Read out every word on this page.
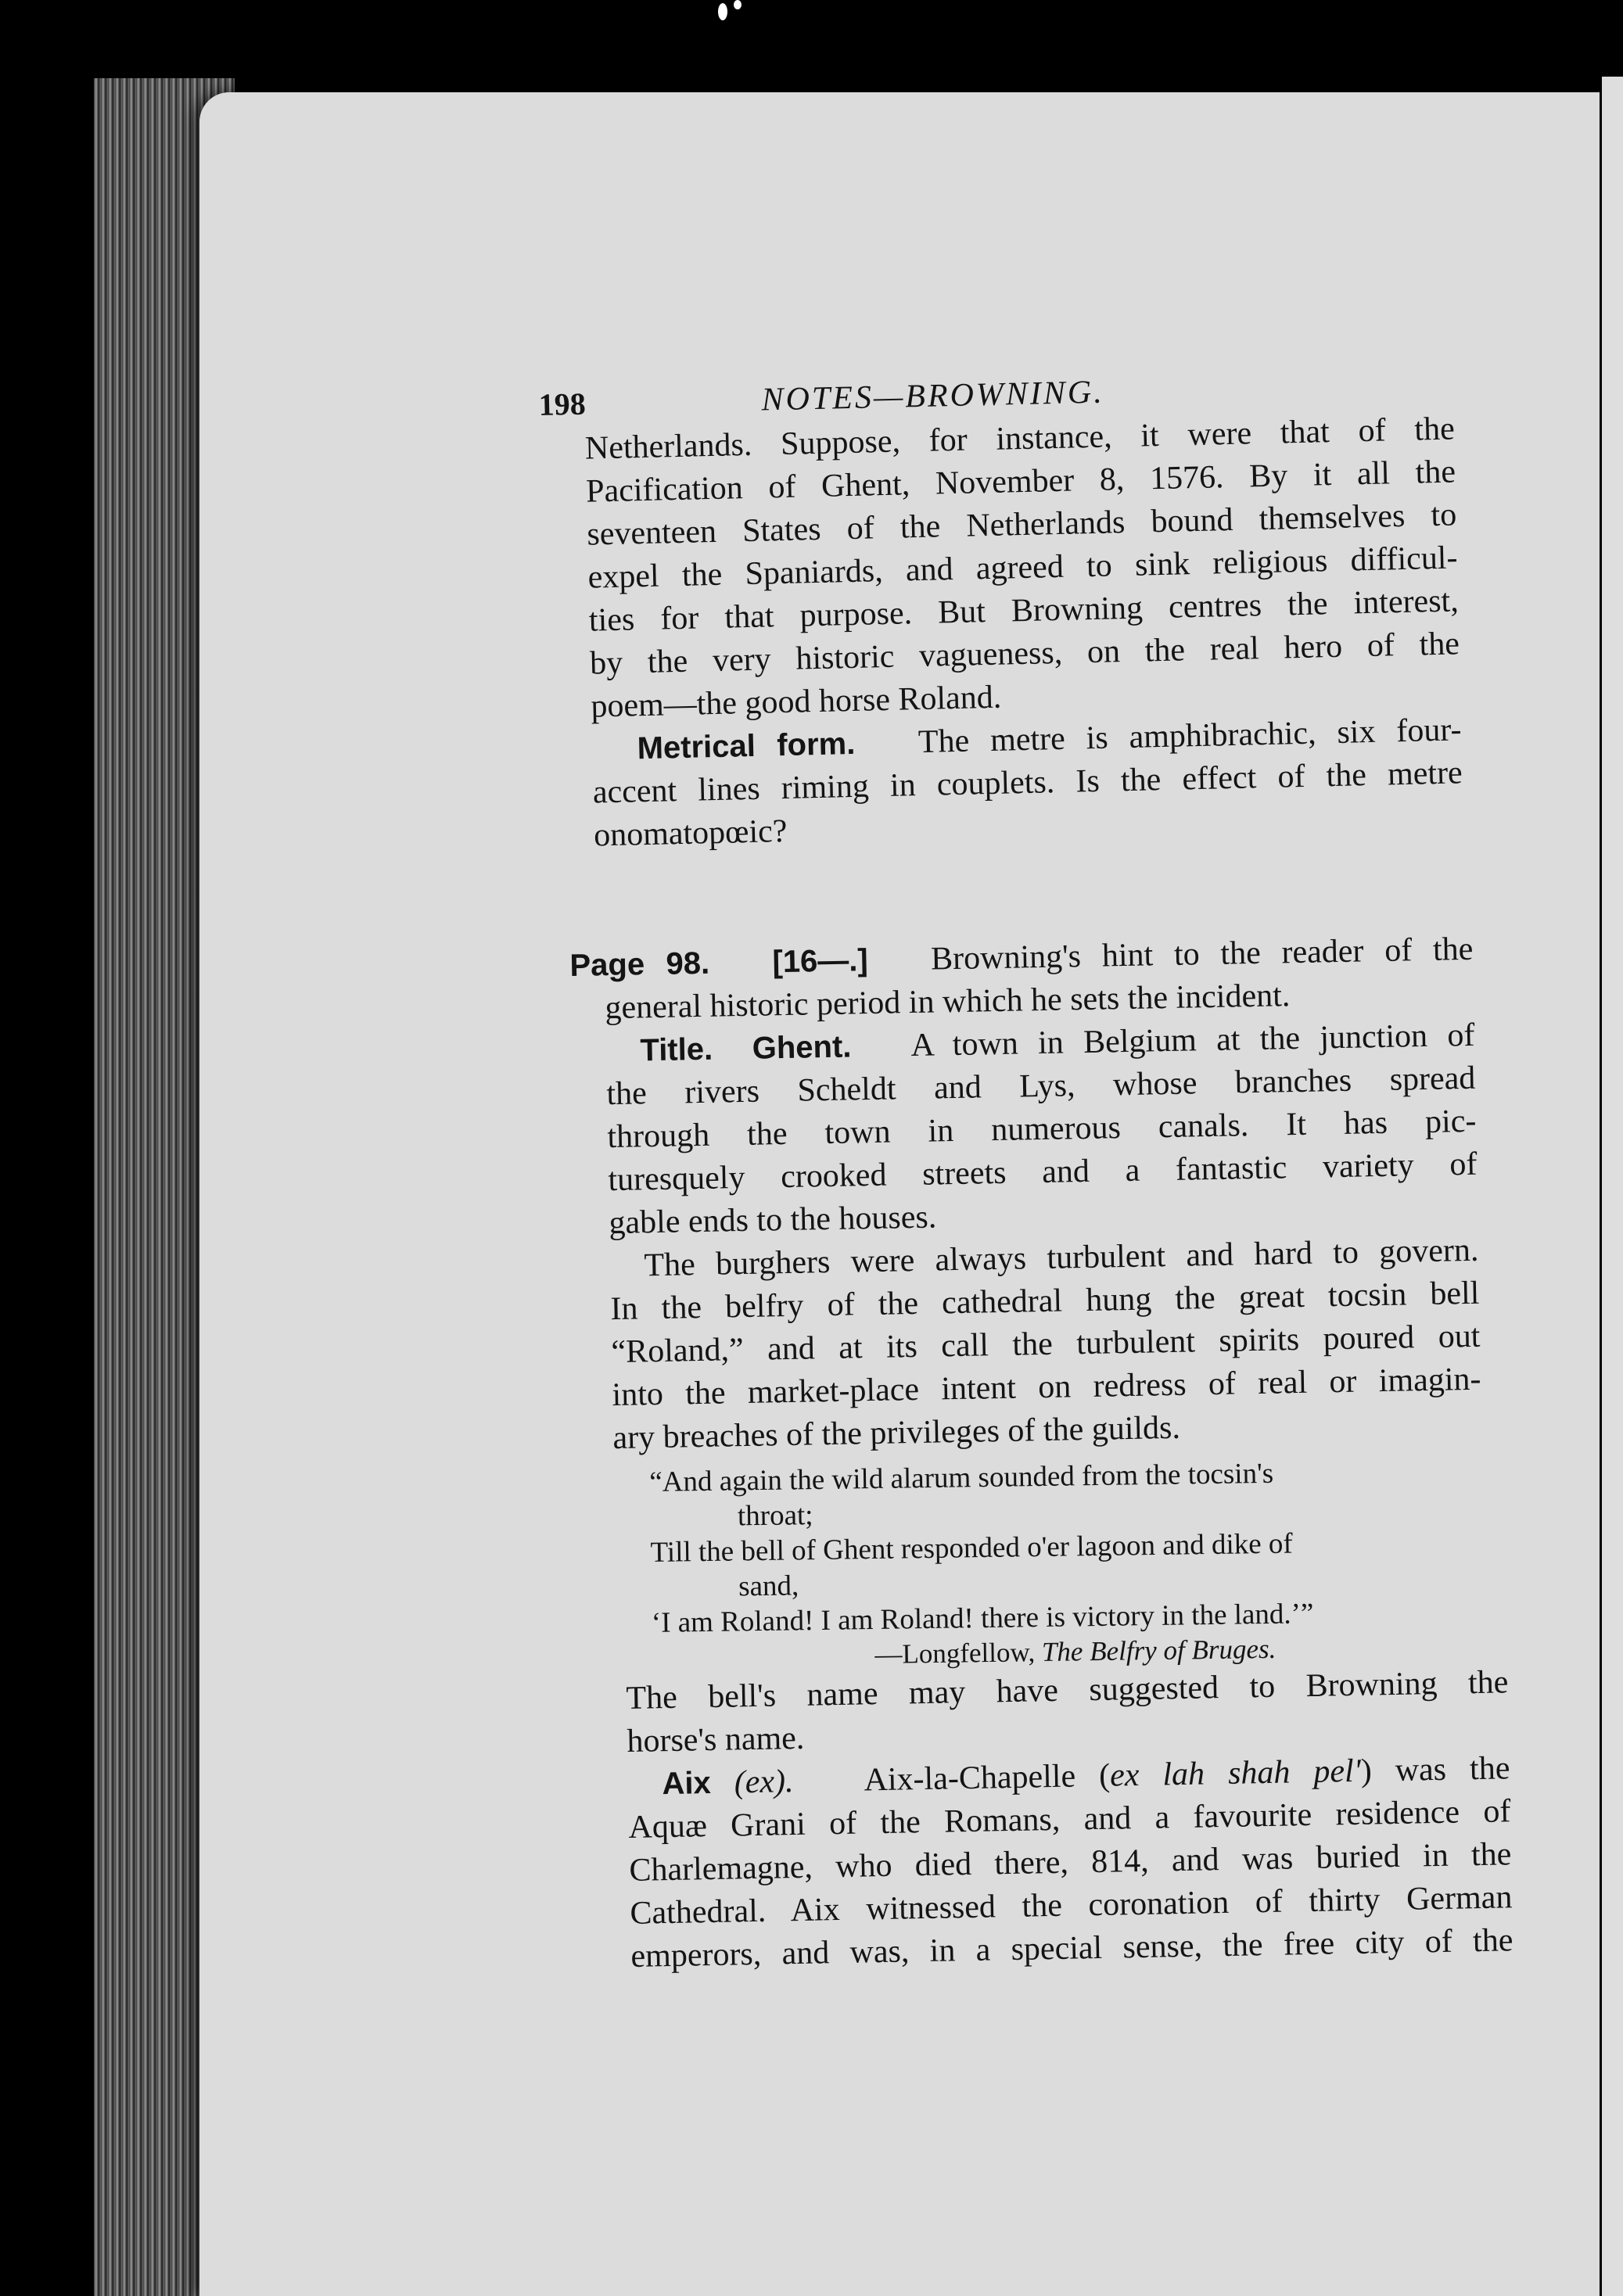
198	NOTES—BROWNING.
Netherlands. Suppose, for instance, it were that of the
Pacification of Ghent, November 8, 1576. By it all the
seventeen States of the Netherlands bound themselves to
expel the Spaniards, and agreed to sink religious difficul-
ties for that purpose. But Browning centres the interest,
by the very historic vagueness, on the real hero of the
poem—the good horse Roland.
Metrical form. The metre is amphibrachic, six four-
accent lines riming in couplets. Is the effect of the metre
onomatopœic?
Page 98. [16—.] Browning's hint to the reader of the
general historic period in which he sets the incident.
Title. Ghent. A town in Belgium at the junction of
the rivers Scheldt and Lys, whose branches spread
through the town in numerous canals. It has pic-
turesquely crooked streets and a fantastic variety of
gable ends to the houses.
The burghers were always turbulent and hard to govern.
In the belfry of the cathedral hung the great tocsin bell
“Roland,” and at its call the turbulent spirits poured out
into the market-place intent on redress of real or imagin-
ary breaches of the privileges of the guilds.
“And again the wild alarum sounded from the tocsin's
throat;
Till the bell of Ghent responded o'er lagoon and dike of
sand,
‘I am Roland! I am Roland! there is victory in the land.’”
—Longfellow, The Belfry of Bruges.
The bell's name may have suggested to Browning the
horse's name.
Aix (ex). Aix-la-Chapelle (ex lah shah pel') was the
Aquæ Grani of the Romans, and a favourite residence of
Charlemagne, who died there, 814, and was buried in the
Cathedral. Aix witnessed the coronation of thirty German
emperors, and was, in a special sense, the free city of the
